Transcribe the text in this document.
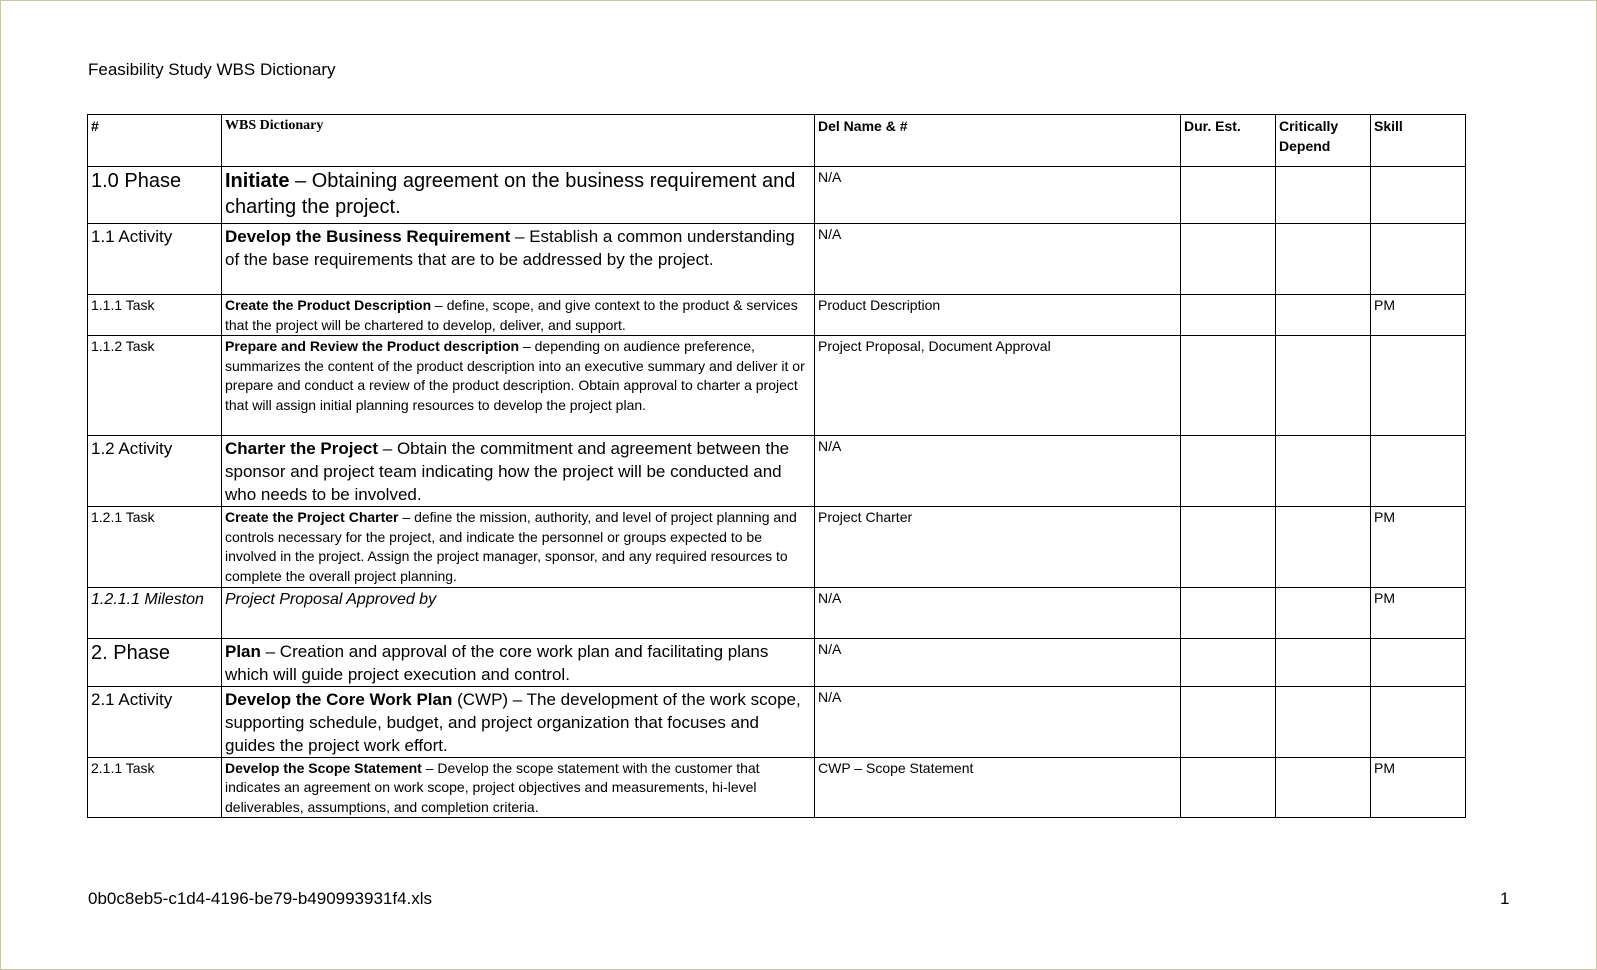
Feasibility Study WBS Dictionary
#	WBS Dictionary	Del Name & #	Dur. Est.	Critically Depend	Skill
1.0 Phase	Initiate – Obtaining agreement on the business requirement and charting the project.	N/A			
1.1 Activity	Develop the Business Requirement – Establish a common understanding of the base requirements that are to be addressed by the project.	N/A			
1.1.1 Task	Create the Product Description – define, scope, and give context to the product & services that the project will be chartered to develop, deliver, and support.	Product Description			PM
1.1.2 Task	Prepare and Review the Product description – depending on audience preference, summarizes the content of the product description into an executive summary and deliver it or prepare and conduct a review of the product description. Obtain approval to charter a project that will assign initial planning resources to develop the project plan.	Project Proposal, Document Approval			
1.2 Activity	Charter the Project – Obtain the commitment and agreement between the sponsor and project team indicating how the project will be conducted and who needs to be involved.	N/A			
1.2.1 Task	Create the Project Charter – define the mission, authority, and level of project planning and controls necessary for the project, and indicate the personnel or groups expected to be involved in the project. Assign the project manager, sponsor, and any required resources to complete the overall project planning.	Project Charter			PM
1.2.1.1 Mileston	Project Proposal Approved by	N/A			PM
2. Phase	Plan – Creation and approval of the core work plan and facilitating plans which will guide project execution and control.	N/A			
2.1 Activity	Develop the Core Work Plan (CWP) – The development of the work scope, supporting schedule, budget, and project organization that focuses and guides the project work effort.	N/A			
2.1.1 Task	Develop the Scope Statement – Develop the scope statement with the customer that indicates an agreement on work scope, project objectives and measurements, hi-level deliverables, assumptions, and completion criteria.	CWP – Scope Statement			PM
0b0c8eb5-c1d4-4196-be79-b490993931f4.xls	1
